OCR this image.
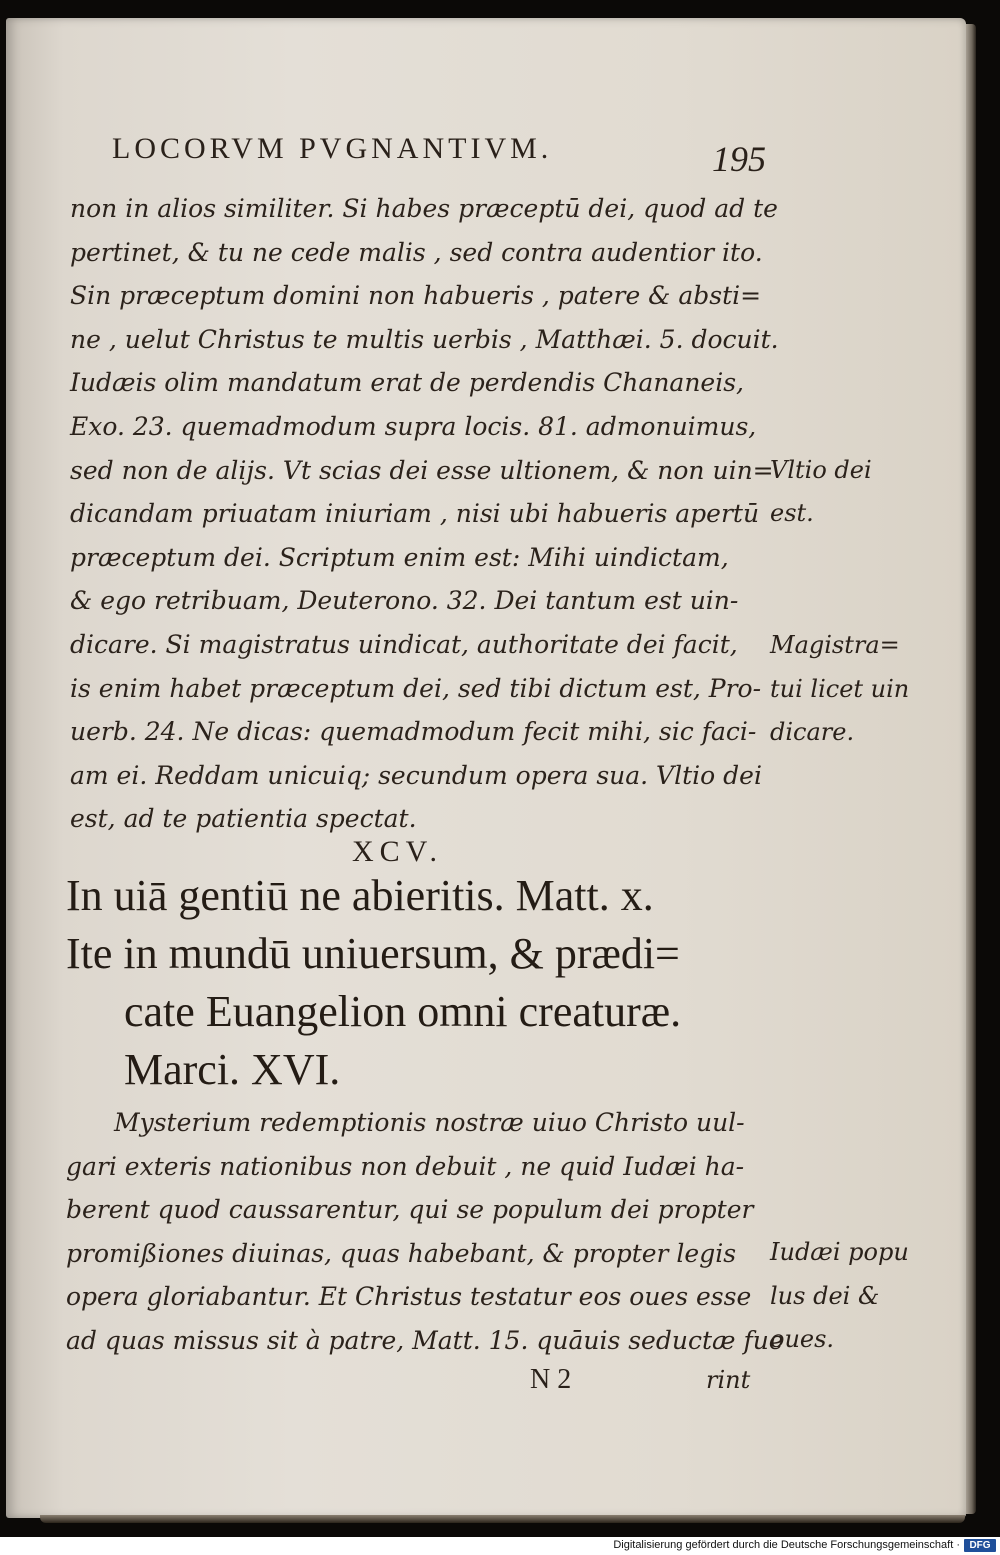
LOCORVM PVGNANTIVM.	195
non in alios similiter. Si habes præceptū dei, quod ad te
pertinet, & tu ne cede malis , sed contra audentior ito.
Sin præceptum domini non habueris , patere & absti=
ne , uelut Christus te multis uerbis , Matthæi. 5. docuit.
Iudæis olim mandatum erat de perdendis Chananeis,
Exo. 23. quemadmodum supra locis. 81. admonuimus,
sed non de alijs. Vt scias dei esse ultionem, & non uin=
dicandam priuatam iniuriam , nisi ubi habueris apertū
præceptum dei. Scriptum enim est: Mihi uindictam,
& ego retribuam, Deuterono. 32. Dei tantum est uin-
dicare. Si magistratus uindicat, authoritate dei facit,
is enim habet præceptum dei, sed tibi dictum est, Pro-
uerb. 24. Ne dicas: quemadmodum fecit mihi, sic faci-
am ei. Reddam unicuiq; secundum opera sua. Vltio dei
est, ad te patientia spectat.
Vltio dei
est.
Magistra=
tui licet uin
dicare.
XCV.
In uiā gentiū ne abieritis. Matt. x.
Ite in mundū uniuersum, & prædi=
cate Euangelion omni creaturæ.
Marci. XVI.
Mysterium redemptionis nostræ uiuo Christo uul-
gari exteris nationibus non debuit , ne quid Iudæi ha-
berent quod caussarentur, qui se populum dei propter
promißiones diuinas, quas habebant, & propter legis
opera gloriabantur. Et Christus testatur eos oues esse
ad quas missus sit à patre, Matt. 15. quāuis seductæ fue
Iudæi popu
lus dei &
oues.
N 2	rint
Digitalisierung gefördert durch die Deutsche Forschungsgemeinschaft · DFG
